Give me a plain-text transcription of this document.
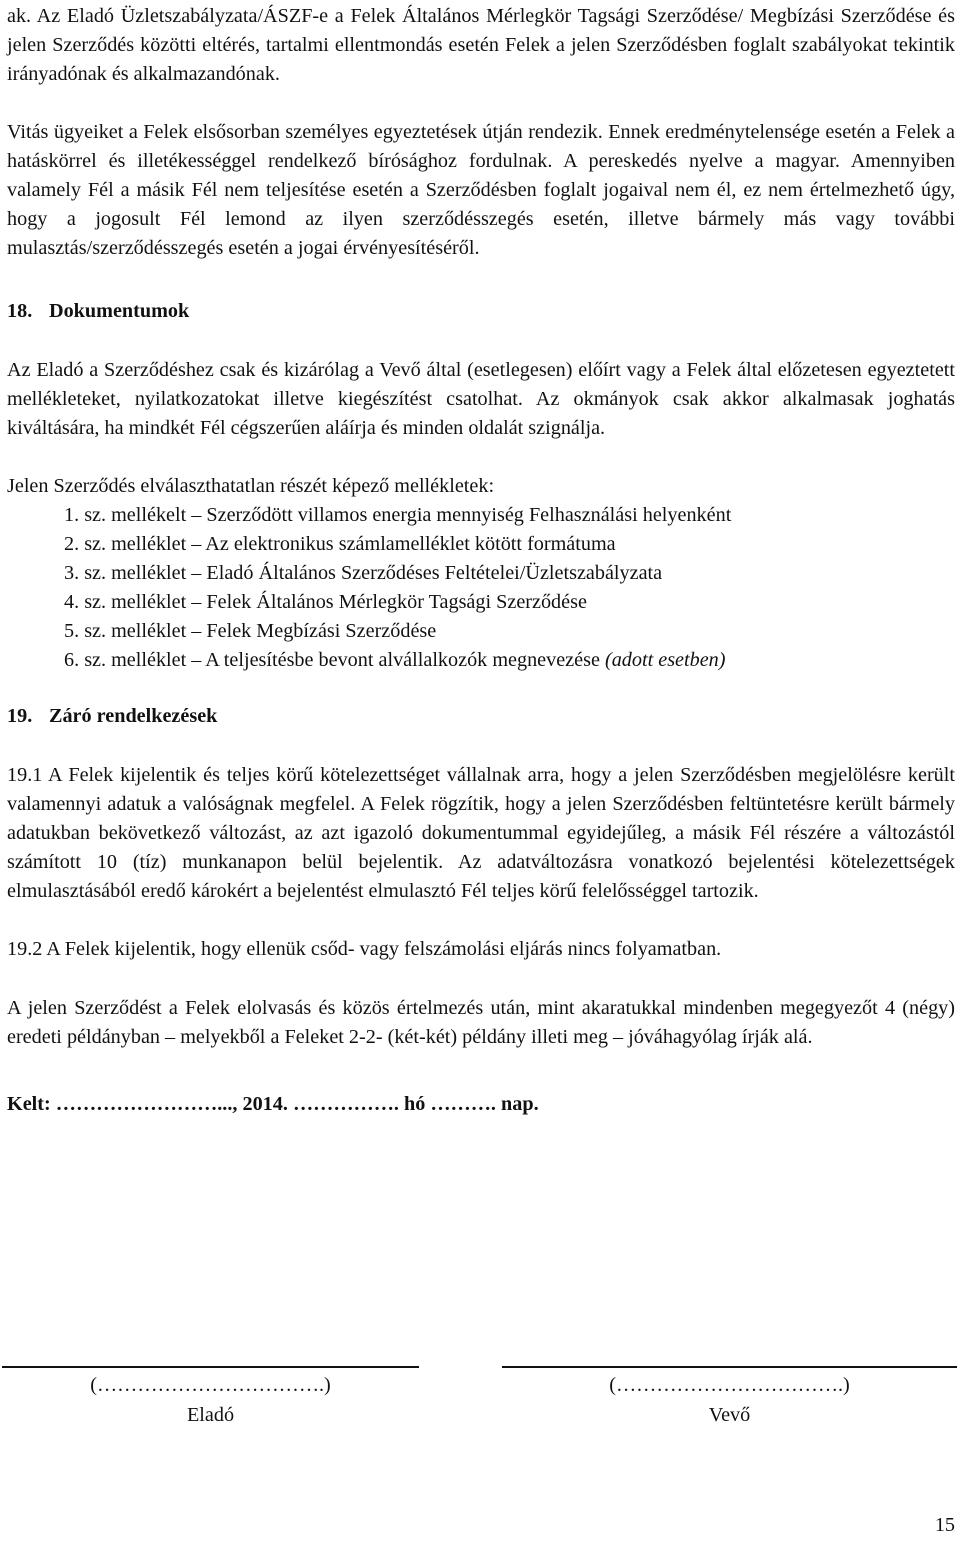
ak. Az Eladó Üzletszabályzata/ÁSZF-e a Felek Általános Mérlegkör Tagsági Szerződése/ Megbízási Szerződése és jelen Szerződés közötti eltérés, tartalmi ellentmondás esetén Felek a jelen Szerződésben foglalt szabályokat tekintik irányadónak és alkalmazandónak.

Vitás ügyeiket a Felek elsősorban személyes egyeztetések útján rendezik. Ennek eredménytelensége esetén a Felek a hatáskörrel és illetékességgel rendelkező bírósághoz fordulnak. A pereskedés nyelve a magyar. Amennyiben valamely Fél a másik Fél nem teljesítése esetén a Szerződésben foglalt jogaival nem él, ez nem értelmezhető úgy, hogy a jogosult Fél lemond az ilyen szerződésszegés esetén, illetve bármely más vagy további mulasztás/szerződésszegés esetén a jogai érvényesítéséről.

18. Dokumentumok

Az Eladó a Szerződéshez csak és kizárólag a Vevő által (esetlegesen) előírt vagy a Felek által előzetesen egyeztetett mellékleteket, nyilatkozatokat illetve kiegészítést csatolhat. Az okmányok csak akkor alkalmasak joghatás kiváltására, ha mindkét Fél cégszerűen aláírja és minden oldalát szignálja.

Jelen Szerződés elválaszthatatlan részét képező mellékletek:

1. sz. mellékelt – Szerződött villamos energia mennyiség Felhasználási helyenként
2. sz. melléklet – Az elektronikus számlamelléklet kötött formátuma
3. sz. melléklet – Eladó Általános Szerződéses Feltételei/Üzletszabályzata
4. sz. melléklet – Felek Általános Mérlegkör Tagsági Szerződése
5. sz. melléklet – Felek Megbízási Szerződése
6. sz. melléklet – A teljesítésbe bevont alvállalkozók megnevezése (adott esetben)
19. Záró rendelkezések

19.1 A Felek kijelentik és teljes körű kötelezettséget vállalnak arra, hogy a jelen Szerződésben megjelölésre került valamennyi adatuk a valóságnak megfelel. A Felek rögzítik, hogy a jelen Szerződésben feltüntetésre került bármely adatukban bekövetkező változást, az azt igazoló dokumentummal egyidejűleg, a másik Fél részére a változástól számított 10 (tíz) munkanapon belül bejelentik. Az adatváltozásra vonatkozó bejelentési kötelezettségek elmulasztásából eredő károkért a bejelentést elmulasztó Fél teljes körű felelősséggel tartozik.

19.2 A Felek kijelentik, hogy ellenük csőd- vagy felszámolási eljárás nincs folyamatban.

A jelen Szerződést a Felek elolvasás és közös értelmezés után, mint akaratukkal mindenben megegyezőt 4 (négy) eredeti példányban – melyekből a Feleket 2-2- (két-két) példány illeti meg – jóváhagyólag írják alá.

Kelt: ……………………..., 2014. ……………. hó ………. nap.

(…………………………….)
Eladó
(…………………………….)
Vevő
15
